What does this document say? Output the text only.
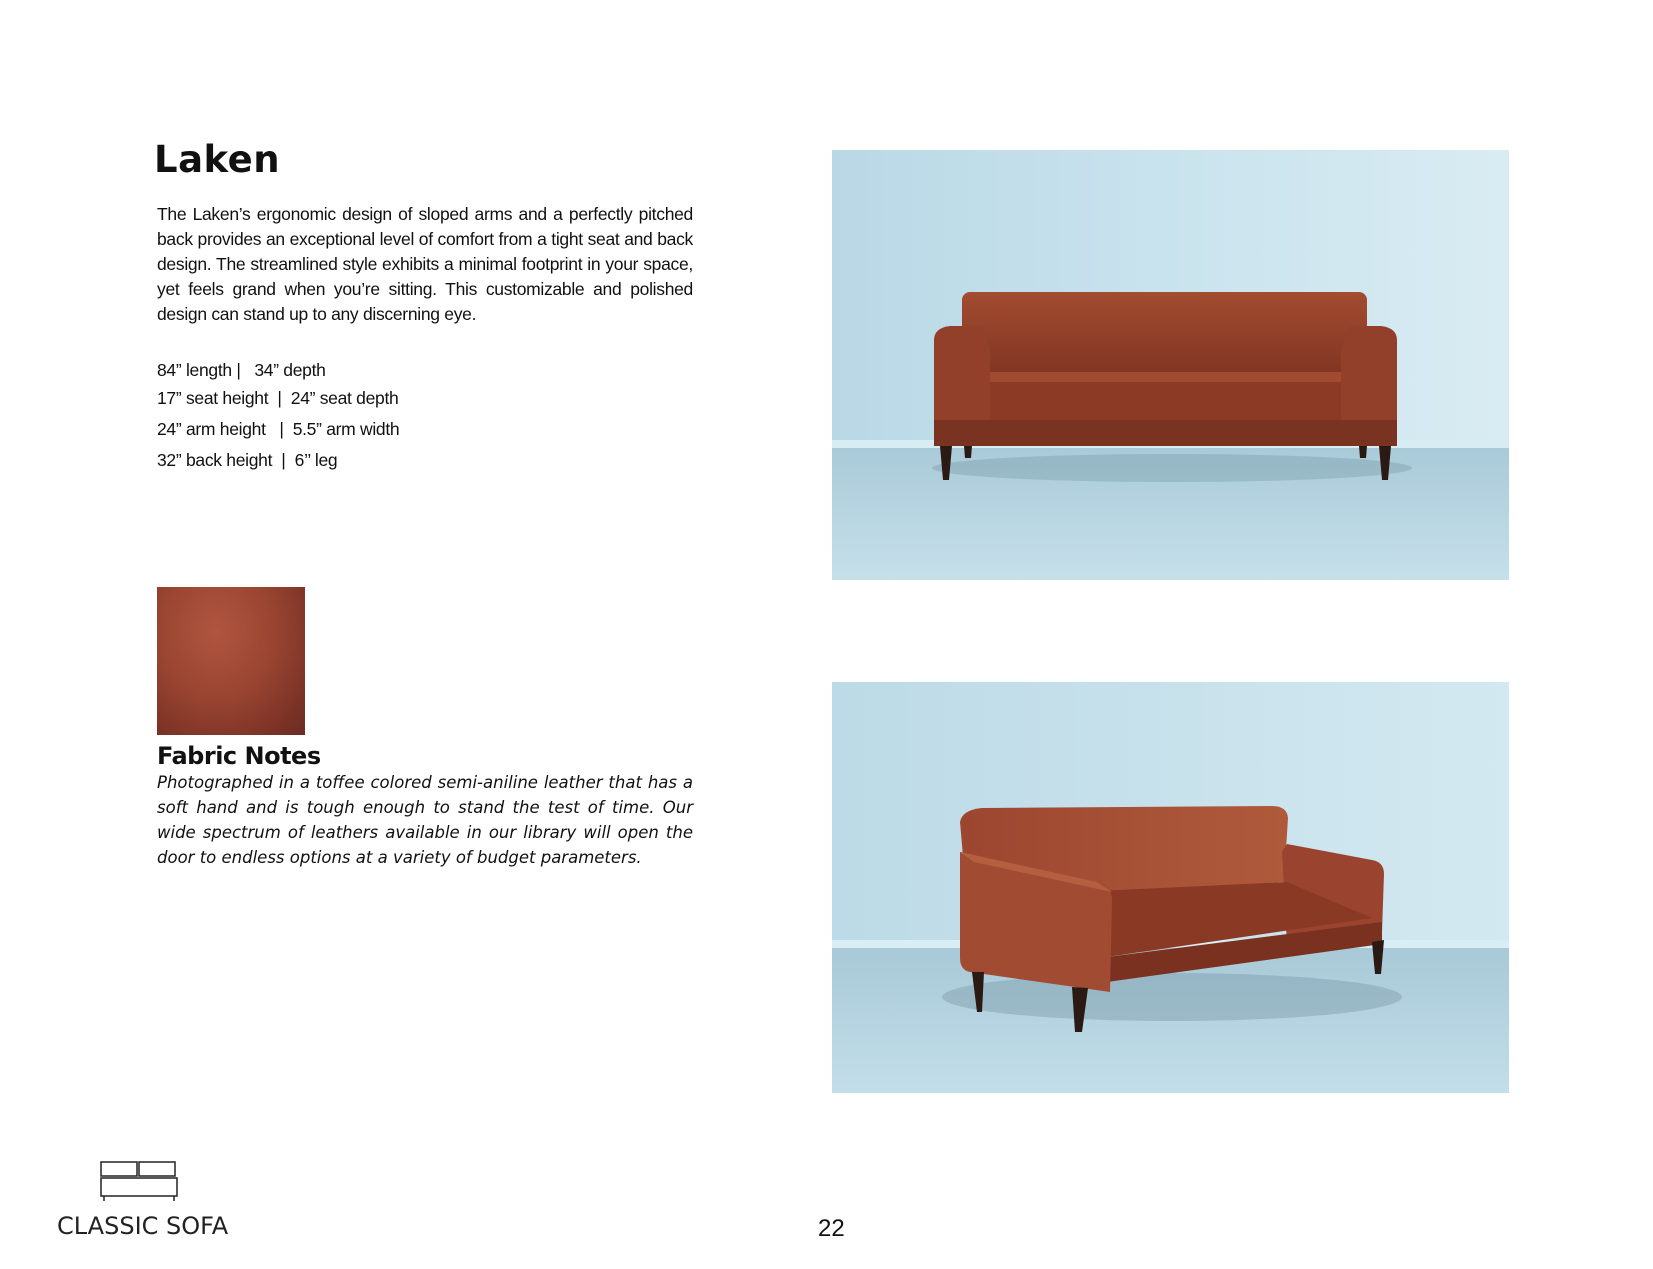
Laken

The Laken’s ergonomic design of sloped arms and a perfectly pitched back provides an exceptional level of comfort from a tight seat and back design. The streamlined style exhibits a minimal footprint in your space, yet feels grand when you’re sitting. This customizable and polished design can stand up to any discerning eye.

84” length |   34” depth
17” seat height  |  24” seat depth
24” arm height   |  5.5” arm width
32” back height  |  6’’ leg
Fabric Notes

Photographed in a toffee colored semi-aniline leather that has a soft hand and is tough enough to stand the test of time. Our wide spectrum of leathers available in our library will open the door to endless options at a variety of budget parameters.

CLASSIC SOFA	22
